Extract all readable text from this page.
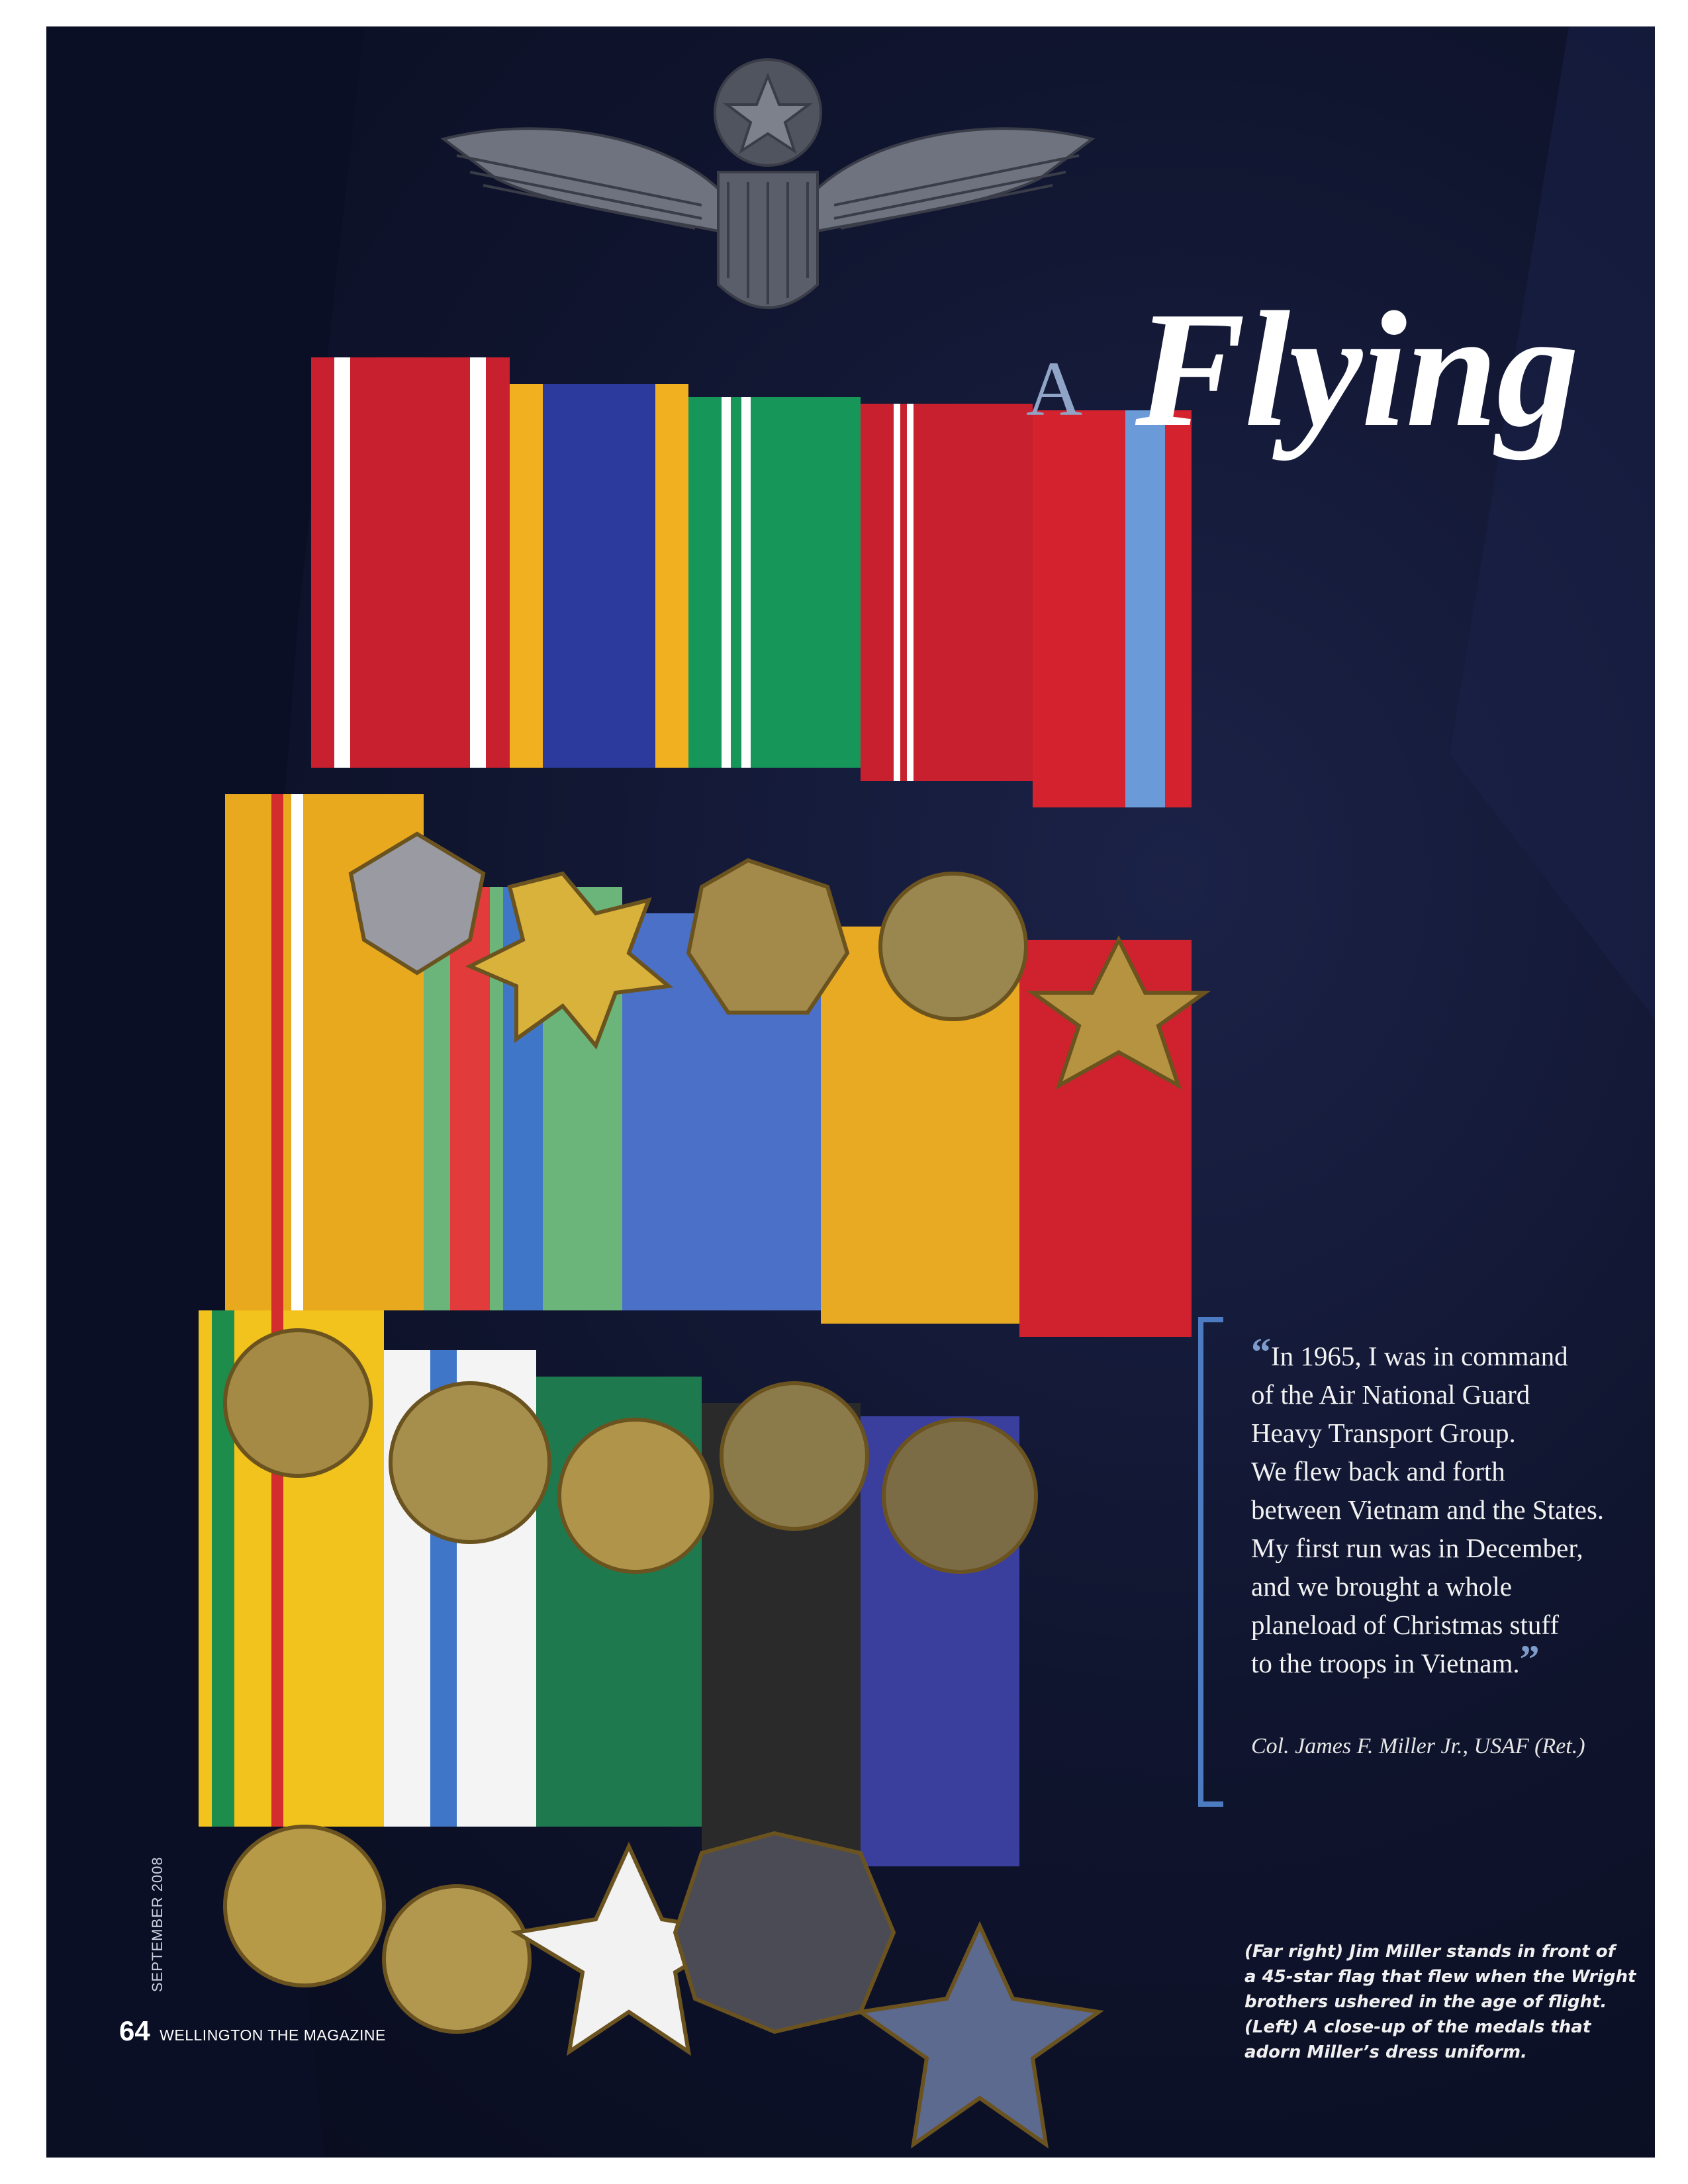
A Flying
“In 1965, I was in command
of the Air National Guard
Heavy Transport Group.
We flew back and forth
between Vietnam and the States.
My first run was in December,
and we brought a whole
planeload of Christmas stuff
to the troops in Vietnam.”
Col. James F. Miller Jr., USAF (Ret.)
(Far right) Jim Miller stands in front of
a 45-star flag that flew when the Wright
brothers ushered in the age of flight.
(Left) A close-up of the medals that
adorn Miller’s dress uniform.
SEPTEMBER 2008
64 WELLINGTON THE MAGAZINE
